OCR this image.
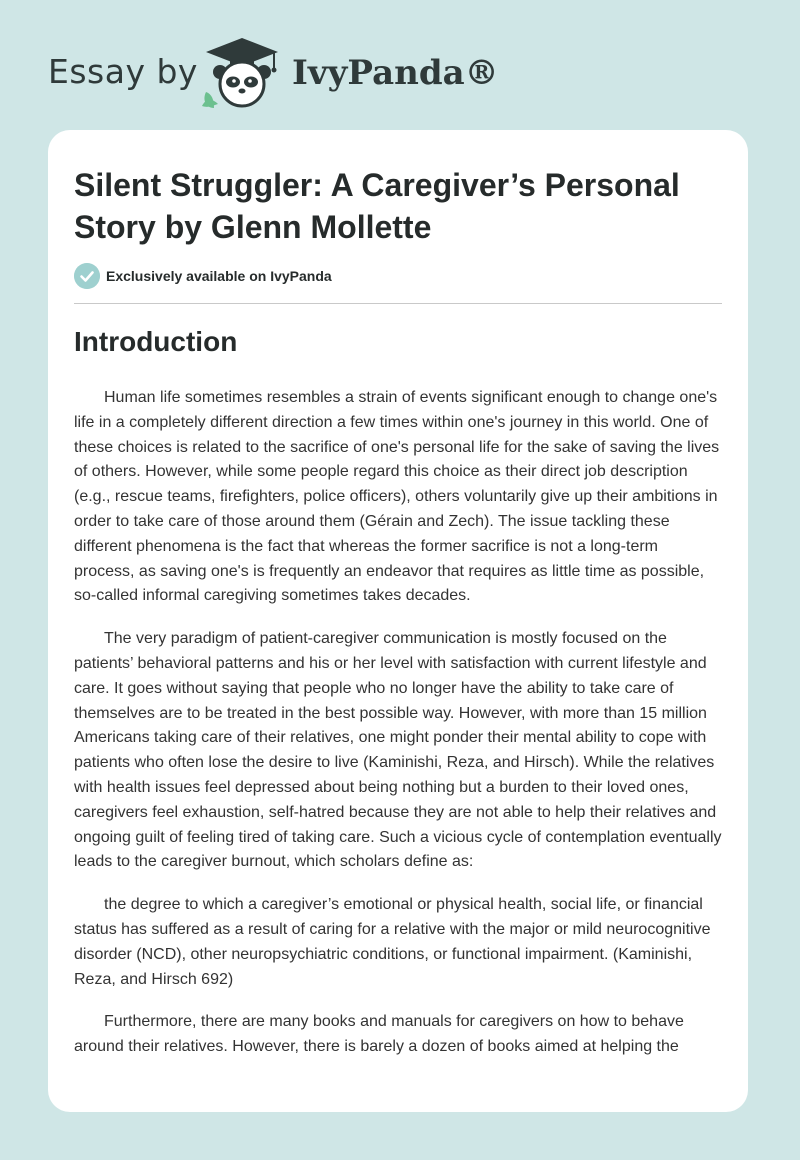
Essay by	IvyPanda®
Silent Struggler: A Caregiver’s Personal Story by Glenn Mollette
Exclusively available on IvyPanda
Introduction

Human life sometimes resembles a strain of events significant enough to change one's life in a completely different direction a few times within one's journey in this world. One of these choices is related to the sacrifice of one's personal life for the sake of saving the lives of others. However, while some people regard this choice as their direct job description (e.g., rescue teams, firefighters, police officers), others voluntarily give up their ambitions in order to take care of those around them (Gérain and Zech). The issue tackling these different phenomena is the fact that whereas the former sacrifice is not a long-term process, as saving one's is frequently an endeavor that requires as little time as possible, so-called informal caregiving sometimes takes decades.

The very paradigm of patient-caregiver communication is mostly focused on the patients’ behavioral patterns and his or her level with satisfaction with current lifestyle and care. It goes without saying that people who no longer have the ability to take care of themselves are to be treated in the best possible way. However, with more than 15 million Americans taking care of their relatives, one might ponder their mental ability to cope with patients who often lose the desire to live (Kaminishi, Reza, and Hirsch). While the relatives with health issues feel depressed about being nothing but a burden to their loved ones, caregivers feel exhaustion, self-hatred because they are not able to help their relatives and ongoing guilt of feeling tired of taking care. Such a vicious cycle of contemplation eventually leads to the caregiver burnout, which scholars define as:

the degree to which a caregiver’s emotional or physical health, social life, or financial status has suffered as a result of caring for a relative with the major or mild neurocognitive disorder (NCD), other neuropsychiatric conditions, or functional impairment. (Kaminishi, Reza, and Hirsch 692)

Furthermore, there are many books and manuals for caregivers on how to behave around their relatives. However, there is barely a dozen of books aimed at helping the
